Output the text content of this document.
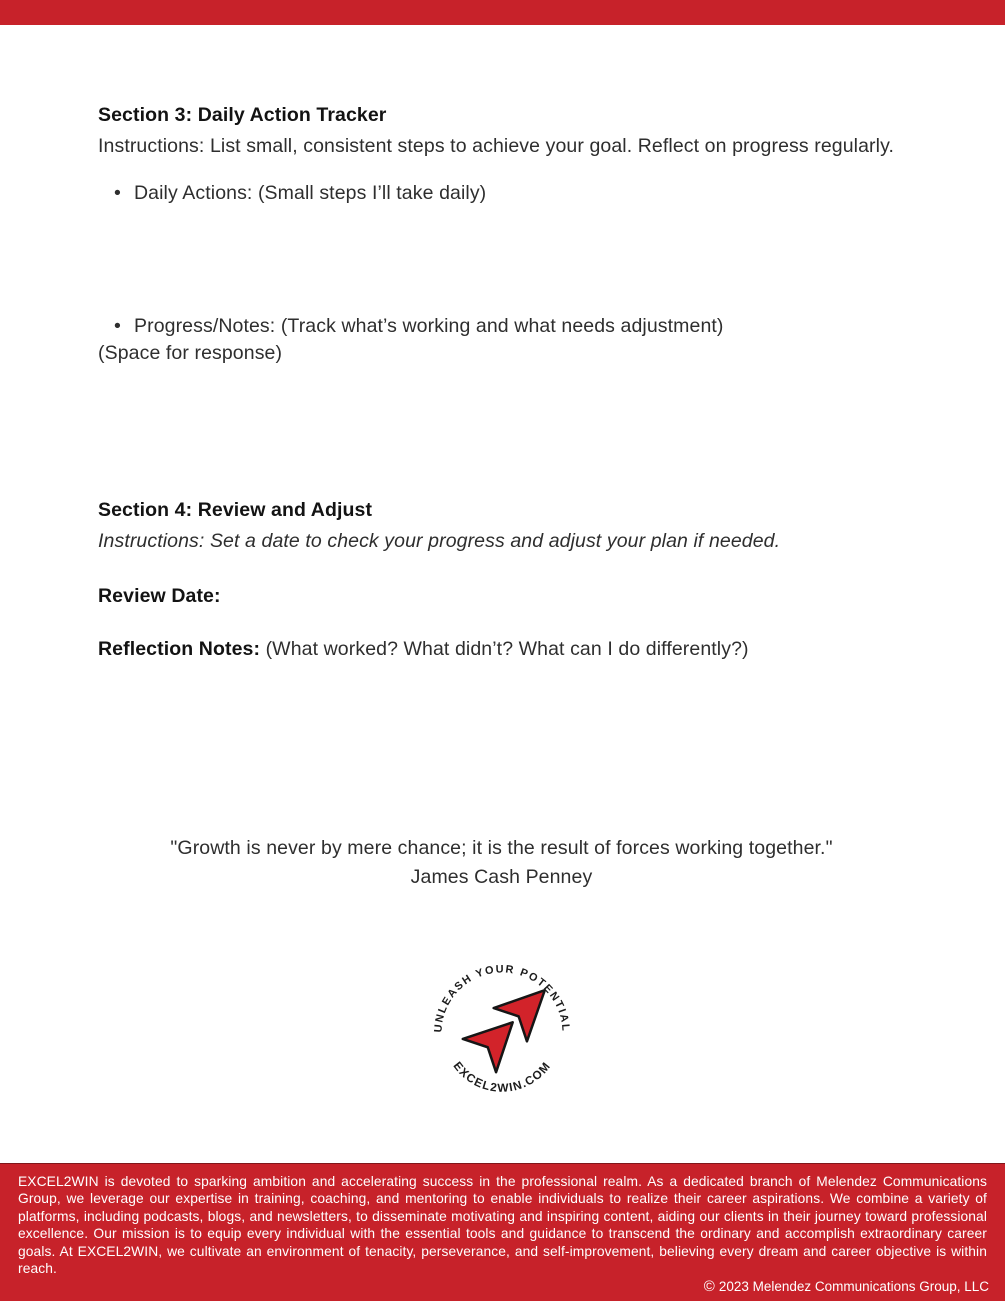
Section 3: Daily Action Tracker

Instructions: List small, consistent steps to achieve your goal. Reflect on progress regularly.

• Daily Actions: (Small steps I’ll take daily)
• Progress/Notes: (Track what’s working and what needs adjustment)

(Space for response)

Section 4: Review and Adjust

Instructions: Set a date to check your progress and adjust your plan if needed.

Review Date:

Reflection Notes: (What worked? What didn’t? What can I do differently?)

"Growth is never by mere chance; it is the result of forces working together."

James Cash Penney

UNLEASH YOUR POTENTIAL
EXCEL2WIN.COM

EXCEL2WIN is devoted to sparking ambition and accelerating success in the professional realm. As a dedicated branch of Melendez Communications Group, we leverage our expertise in training, coaching, and mentoring to enable individuals to realize their career aspirations. We combine a variety of platforms, including podcasts, blogs, and newsletters, to disseminate motivating and inspiring content, aiding our clients in their journey toward professional excellence. Our mission is to equip every individual with the essential tools and guidance to transcend the ordinary and accomplish extraordinary career goals. At EXCEL2WIN, we cultivate an environment of tenacity, perseverance, and self-improvement, believing every dream and career objective is within reach.

© 2023 Melendez Communications Group, LLC
